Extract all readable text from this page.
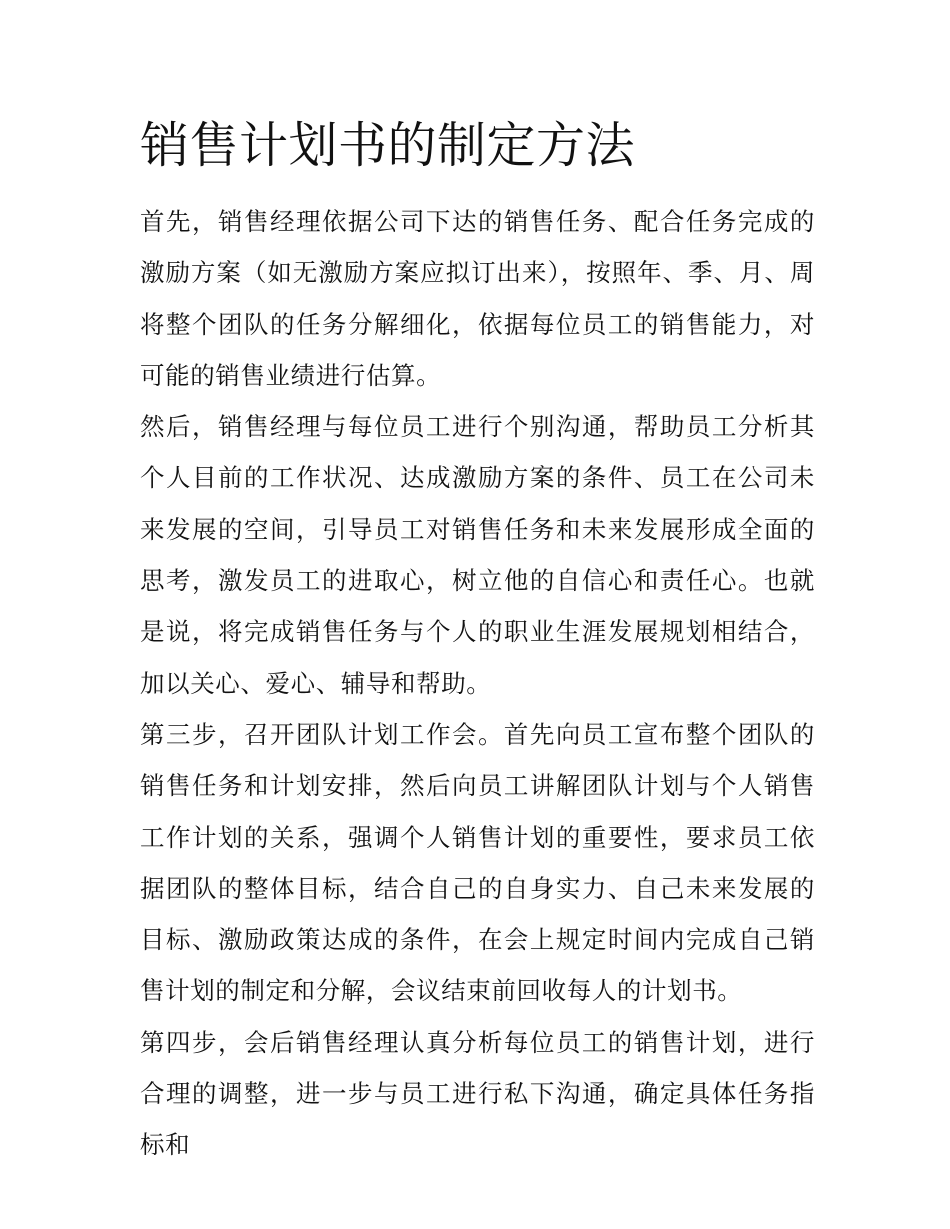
销售计划书的制定方法

首先，销售经理依据公司下达的销售任务、配合任务完成的激励方案（如无激励方案应拟订出来），按照年、季、月、周将整个团队的任务分解细化，依据每位员工的销售能力，对可能的销售业绩进行估算。

然后，销售经理与每位员工进行个别沟通，帮助员工分析其个人目前的工作状况、达成激励方案的条件、员工在公司未来发展的空间，引导员工对销售任务和未来发展形成全面的思考，激发员工的进取心，树立他的自信心和责任心。也就是说，将完成销售任务与个人的职业生涯发展规划相结合，加以关心、爱心、辅导和帮助。

第三步，召开团队计划工作会。首先向员工宣布整个团队的销售任务和计划安排，然后向员工讲解团队计划与个人销售工作计划的关系，强调个人销售计划的重要性，要求员工依据团队的整体目标，结合自己的自身实力、自己未来发展的目标、激励政策达成的条件，在会上规定时间内完成自己销售计划的制定和分解，会议结束前回收每人的计划书。

第四步，会后销售经理认真分析每位员工的销售计划，进行合理的调整，进一步与员工进行私下沟通，确定具体任务指标和
